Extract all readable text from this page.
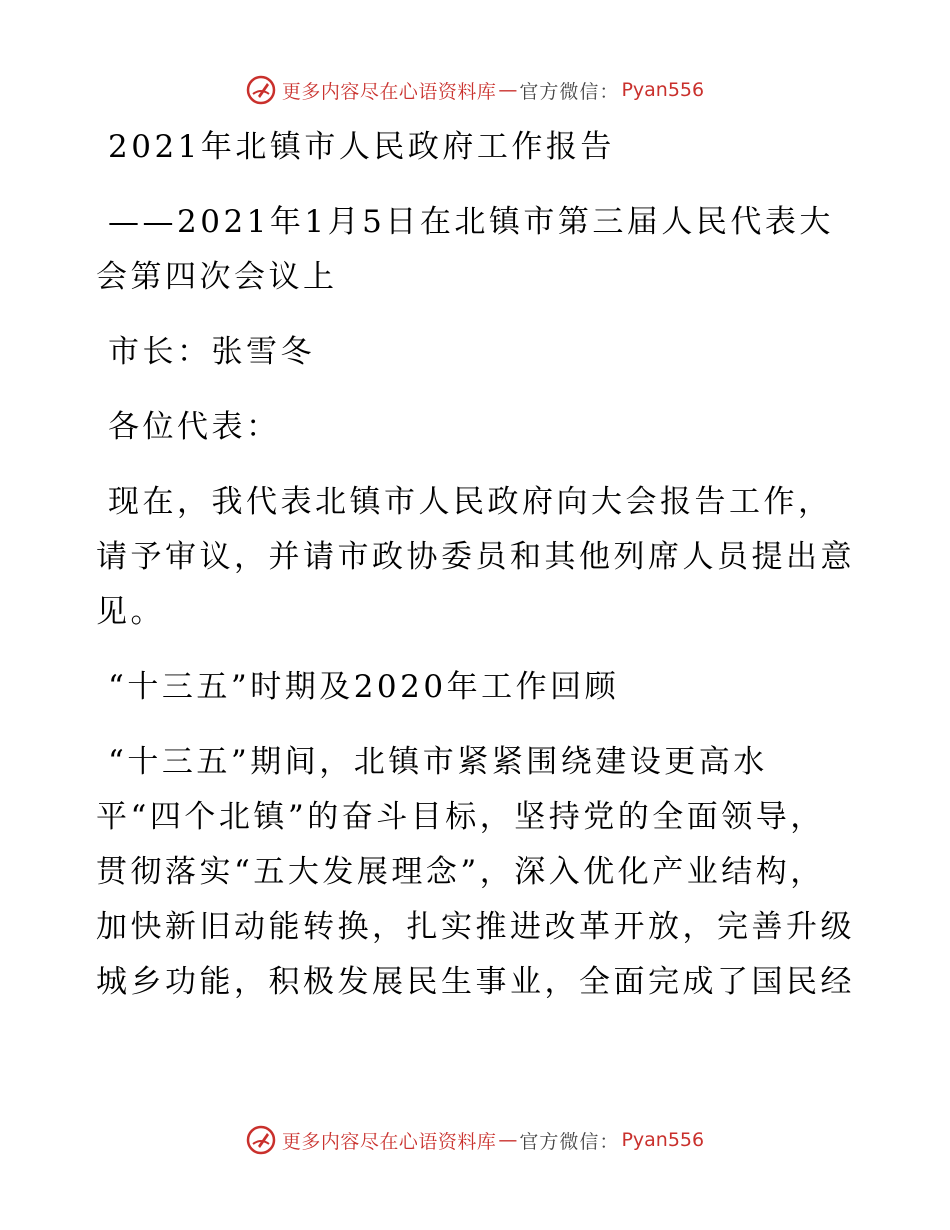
更多内容尽在心语资料库 — 官方微信： Pyan556
2021年北镇市人民政府工作报告
——2021年1月5日在北镇市第三届人民代表大
会第四次会议上
市长：张雪冬
各位代表：
现在，我代表北镇市人民政府向大会报告工作，
请予审议，并请市政协委员和其他列席人员提出意
见。
“十三五”时期及2020年工作回顾
“十三五”期间，北镇市紧紧围绕建设更高水
平“四个北镇”的奋斗目标，坚持党的全面领导，
贯彻落实“五大发展理念”，深入优化产业结构，
加快新旧动能转换，扎实推进改革开放，完善升级
城乡功能，积极发展民生事业，全面完成了国民经
更多内容尽在心语资料库 — 官方微信： Pyan556
